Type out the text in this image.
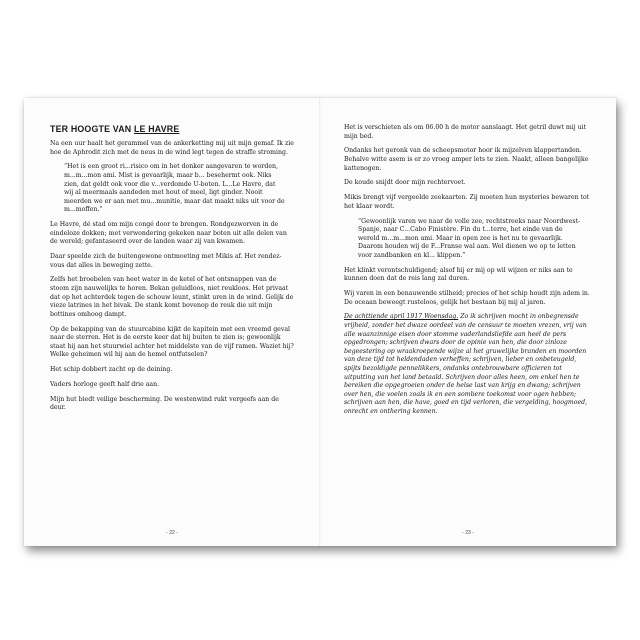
TER HOOGTE VAN LE HAVRE

Na een uur haalt het gerammel van de ankerketting mij uit mijn gemaf. Ik zie hoe de Aphrodit zich met de neus in de wind legt tegen de straffe stroming.

“Het is een groot ri...risico om in het donker aangevaren te worden, m...m...mon ami. Mist is gevaarlijk, maar b... besehermt ook. Niks zien, dat geldt ook voor die v...verdomde U-boten. L...Le Havre, dat wij al meermaals aandeden met hout of meel, ligt ginder. Nooit meerden we er aan met mu...munitie, maar dat maakt niks uit voor de m...moffen.”

Le Havre, dé stad om mijn congé door te brengen. Rondgezworven in de eindeloze dokken; met verwondering gekeken naar boten uit alle delen van de wereld; gefantaseerd over de landen waar zij van kwamen.

Daar speelde zich de buitengewone ontmoeting met Mikis af. Het rendez-vous dat alles in beweging zette.

Zelfs het broebelen van heet water in de ketel of het ontsnappen van de stoom zijn nauwelijks te horen. Bekan geluidloos, niet reukloos. Het privaat dat op het achterdek tegen de schouw leunt, stinkt uren in de wind. Gelijk de vieze latrines in het bivak. De stank komt bovenop de reuk die uit mijn bottines omhoog dampt.

Op de bekapping van de stuurcabine kijkt de kapitein met een vreemd geval naar de sterren. Het is de eerste keer dat hij buiten te zien is; gewoonlijk staat hij aan het stuurwiel achter het middelste van de vijf ramen. Waziet hij? Welke geheimen wil hij aan de hemel ontfutselen?

Het schip dobbert zacht op de deining.

Vaders horloge geeft half drie aan.

Mijn hut biedt veilige bescherming. De westenwind rukt vergeefs aan de deur.

- 22 -

Het is verschieten als om 06.00 h de motor aanslaagt. Het getril duwt mij uit mijn bed.

Ondanks het geronk van de scheepsmotor hoor ik mijzelven klappertanden. Behalve witte asem is er zo vroeg amper iets te zien. Naakt, alleen bangelijke kattenogen.

De koude snijdt door mijn rechtervoet.

Mikis brengt vijf vergeelde zeekaarten. Zij moeten hun mysteries bewaren tot het klaar wordt.

“Gewoonlijk varen we naar de volle zee, rechtstreeks naar Noordwest-Spanje, naar C...Cabo Finistère. Fin du t...terre, het einde van de wereld m...m...mon ami. Maar in open zee is het nu te gevaarlijk. Daarom houden wij de F...Franse wal aan. Wel dienen we op te letten voor zandbanken en kl... klippen.”

Het klinkt verontschuldigend; alsof hij er mij op wil wijzen er niks aan te kunnen doen dat de reis lang zal duren.

Wij varen in een benauwende stilheid; precies of het schip houdt zijn adem in. De oceaan beweegt rusteloos, gelijk het bestaan bij mij al jaren.

De achttiende april 1917 Woensdag. Zo ik schrijven mocht in onbegrensde vrijheid, zonder het dwaze oordeel van de censuur te moeten vrezen, vrij van alle waanzinnige eisen door stomme vaderlandsliefde aan heel de pers opgedrongen; schrijven dwars door de opinie van hen, die door zinloze begeestering op wraakroepende wijze al het gruwelijke branden en moorden van deze tijd tot heldendaden verheffen; schrijven, lieber en onbeteugeld, spijts bezoldigde pennelikkers, ondanks ontebrouwbare officieren tot uitputting van het land betaald. Schrijven door alles heen, om enkel hen te bereiken die opgegroeien onder de helse last van krijg en dwang; schrijven over hen, die voelen zoals ik en een sombere toekomst voor ogen hebben; schrijven aan hen, die have, goed en tijd verloren, die vergelding, hoogmoed, onrecht en onthering kennen.

- 23 -
